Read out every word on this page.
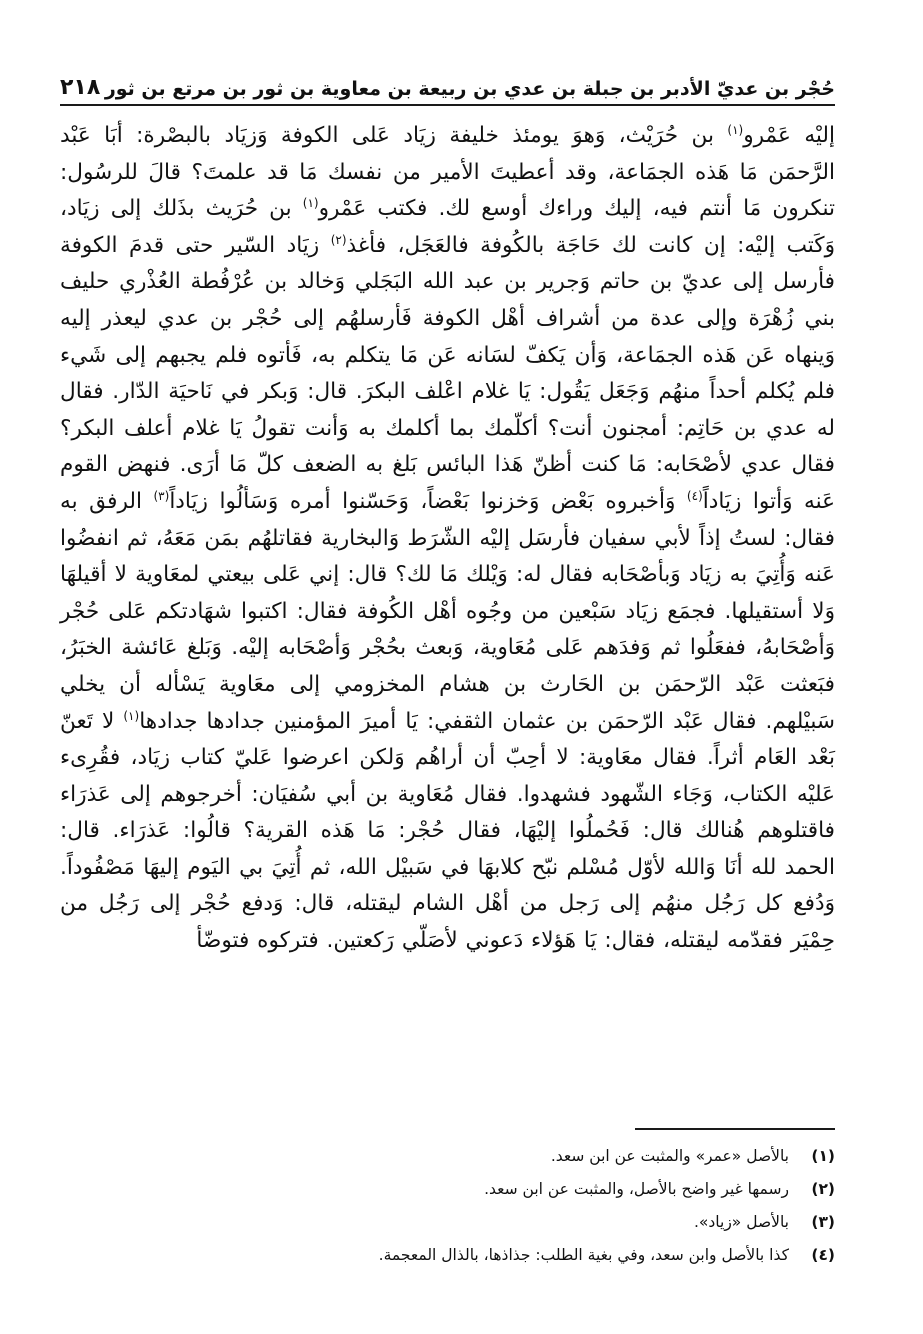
حُجْر بن عديّ الأدبر بن جبلة بن عدي بن ربيعة بن معاوية بن ثور بن مرتع بن ثور
٢١٨
إليْه عَمْرو$^{(١)}$ بن حُرَيْث، وَهوَ يومئذ خليفة زيَاد عَلى الكوفة وَزيَاد بالبصْرة: أبَا عَبْد الرَّحمَن مَا هَذه الجمَاعة، وقد أعطيتَ الأمير من نفسك مَا قد علمتَ؟ قالَ للرسُول: تنكرون مَا أنتم فيه، إليك وراءك أوسع لك. فكتب عَمْرو$^{(١)}$ بن حُرَيث بذَلك إلى زيَاد، وَكَتب إليْه: إن كانت لك حَاجَة بالكُوفة فالعَجَل، فأغذ$^{(٢)}$ زيَاد السّير حتى قدمَ الكوفة فأرسل إلى عديّ بن حاتم وَجرير بن عبد الله البَجَلي وَخالد بن عُرْفُطة العُذْري حليف بني زُهْرَة وإلى عدة من أشراف أهْل الكوفة فَأرسلهُم إلى حُجْر بن عدي ليعذر إليه وَينهاه عَن هَذه الجمَاعة، وَأن يَكفّ لسَانه عَن مَا يتكلم به، فَأتوه فلم يجبهم إلى شَيء فلم يُكلم أحداً منهُم وَجَعَل يَقُول: يَا غلام اعْلف البكرَ. قال: وَبكر في نَاحيَة الدّار. فقال له عدي بن حَاتِم: أمجنون أنت؟ أكلّمك بما أكلمك به وَأنت تقولُ يَا غلام أعلف البكر؟ فقال عدي لأصْحَابه: مَا كنت أظنّ هَذا البائس بَلغ به الضعف كلّ مَا أرَى. فنهض القوم عَنه وَأتوا زيَاداً$^{(٤)}$ وَأخبروه بَعْض وَخزنوا بَعْضاً، وَحَسّنوا أمره وَسَألُوا زيَاداً$^{(٣)}$ الرفق به فقال: لستُ إذاً لأبي سفيان فأرسَل إليْه الشّرَط وَالبخارية فقاتلهُم بمَن مَعَهُ، ثم انفضُوا عَنه وَأُتِيَ به زيَاد وَبأصْحَابه فقال له: وَيْلك مَا لك؟ قال: إني عَلى بيعتي لمعَاوية لا أقيلهَا وَلا أستقيلها. فجمَع زيَاد سَبْعين من وجُوه أهْل الكُوفة فقال: اكتبوا شهَادتكم عَلى حُجْر وَأصْحَابهُ، ففعَلُوا ثم وَفدَهم عَلى مُعَاوية، وَبعث بحُجْر وَأصْحَابه إليْه. وَبَلغ عَائشة الخبَرُ، فبَعثت عَبْد الرّحمَن بن الحَارث بن هشام المخزومي إلى معَاوية يَسْأله أن يخلي سَبيْلهم. فقال عَبْد الرّحمَن بن عثمان الثقفي: يَا أميرَ المؤمنين جدادها جدادها$^{(١)}$ لا تَعنّ بَعْد العَام أثراً. فقال معَاوية: لا أحِبّ أن أراهُم وَلكن اعرضوا عَليّ كتاب زيَاد، فقُرِىء عَليْه الكتاب، وَجَاء الشّهود فشهدوا. فقال مُعَاوية بن أبي سُفيَان: أخرجوهم إلى عَذرَاء فاقتلوهم هُنالك قال: فَحُملُوا إليْهَا، فقال حُجْر: مَا هَذه القرية؟ قالُوا: عَذرَاء. قال: الحمد لله أنَا وَالله لأوّل مُسْلم نبّح كلابهَا في سَبيْل الله، ثم أُتِيَ بي اليَوم إليهَا مَصْفُوداً. وَدُفع كل رَجُل منهُم إلى رَجل من أهْل الشام ليقتله، قال: وَدفع حُجْر إلى رَجُل من حِمْيَر فقدّمه ليقتله، فقال: يَا هَؤلاء دَعوني لأصَلّي رَكعتين. فتركوه فتوضّأ
(١)
بالأصل «عمر» والمثبت عن ابن سعد.
(٢)
رسمها غير واضح بالأصل، والمثبت عن ابن سعد.
(٣)
بالأصل «زياد».
(٤)
كذا بالأصل وابن سعد، وفي بغية الطلب: جذاذها، بالذال المعجمة.
